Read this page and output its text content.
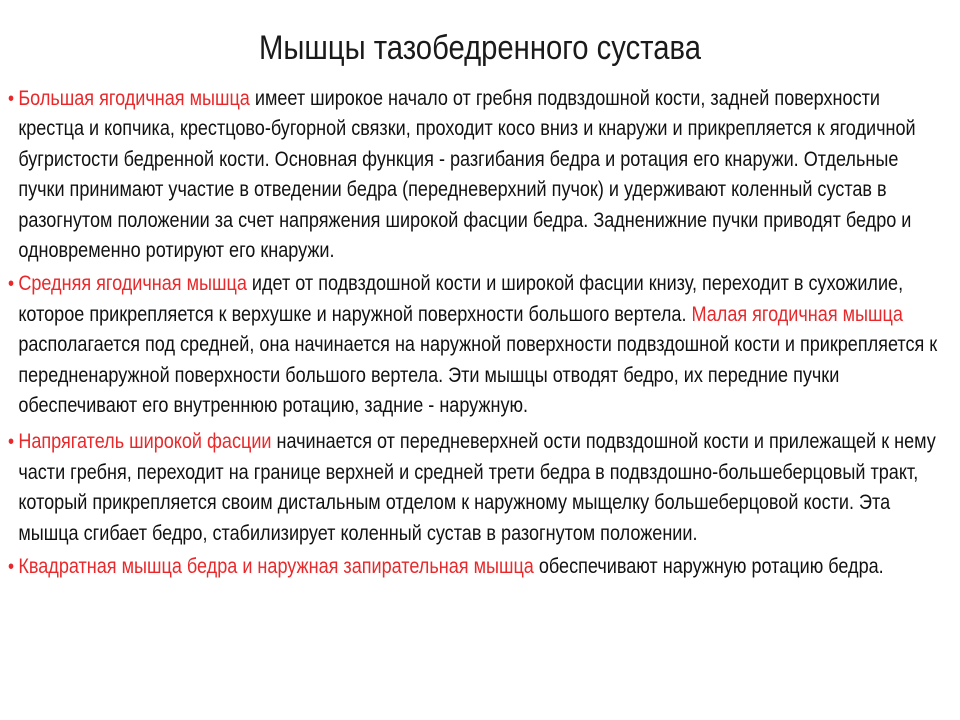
Мышцы тазобедренного сустава
• Большая ягодичная мышца имеет широкое начало от гребня подвздошной кости, задней поверхности крестца и копчика, крестцово-бугорной связки, проходит косо вниз и кнаружи и прикрепляется к ягодичной бугристости бедренной кости. Основная функция - разгибания бедра и ротация его кнаружи. Отдельные пучки принимают участие в отведении бедра (передневерхний пучок) и удерживают коленный сустав в разогнутом положении за счет напряжения широкой фасции бедра. Задненижние пучки приводят бедро и одновременно ротируют его кнаружи.
• Средняя ягодичная мышца идет от подвздошной кости и широкой фасции книзу, переходит в сухожилие, которое прикрепляется к верхушке и наружной поверхности большого вертела. Малая ягодичная мышца располагается под средней, она начинается на наружной поверхности подвздошной кости и прикрепляется к передненаружной поверхности большого вертела. Эти мышцы отводят бедро, их передние пучки обеспечивают его внутреннюю ротацию, задние - наружную.
• Напрягатель широкой фасции начинается от передневерхней ости подвздошной кости и прилежащей к нему части гребня, переходит на границе верхней и средней трети бедра в подвздошно-большеберцовый тракт, который прикрепляется своим дистальным отделом к наружному мыщелку большеберцовой кости. Эта мышца сгибает бедро, стабилизирует коленный сустав в разогнутом положении.
• Квадратная мышца бедра и наружная запирательная мышца обеспечивают наружную ротацию бедра.
